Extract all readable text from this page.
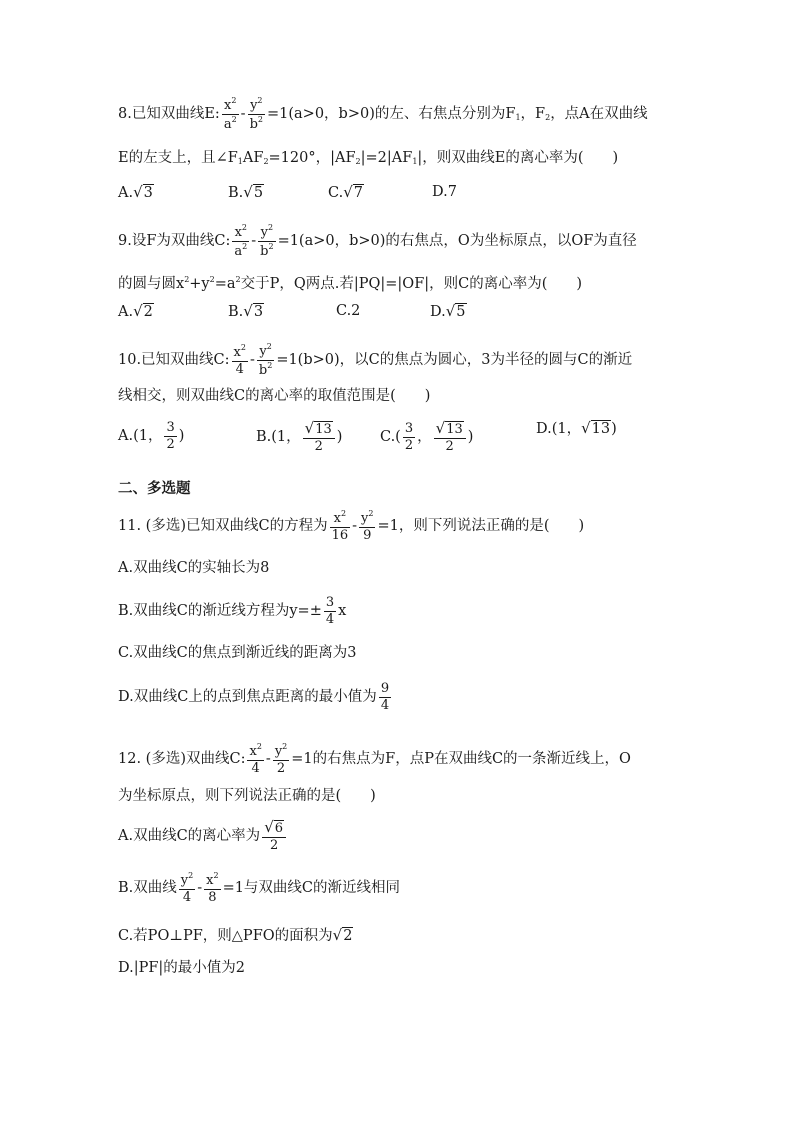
8.已知双曲线E: $\frac{x^2}{a^2} - \frac{y^2}{b^2} =1(a>0$，b>0)的左、右焦点分别为$F_1$，$F_2$，点A在双曲线
E的左支上，且$\angle F_1AF_2=120^\circ$，$|AF_2|=2|AF_1|$，则双曲线E的离心率为(　　)
A.√3	B.√5	C.√7	D.7
9.设F为双曲线C: $\frac{x^2}{a^2} - \frac{y^2}{b^2} =1(a>0$，b>0)的右焦点，O为坐标原点，以OF为直径
的圆与圆$x^2+y^2=a^2$交于P，Q两点.若|PQ|=|OF|，则C的离心率为(　　)
A.√2	B.√3	C.2	D.√5
10.已知双曲线C: $\frac{x^2}{4} - \frac{y^2}{b^2} =1(b>0)$，以C的焦点为圆心，3为半径的圆与C的渐近
线相交，则双曲线C的离心率的取值范围是(　　)
A.(1， $\frac{3}{2}$ )	B.(1， $\frac{√13}{2}$ )	$C.( \frac{3}{2}$ ， $\frac{√13}{2}$ )
D.(1，√13)
二、多选题
11. (多选)已知双曲线C的方程为 $\frac{x^2}{16} - \frac{y^2}{9} =1$，则下列说法正确的是(　　)
A.双曲线C的实轴长为8
B.双曲线C的渐近线方程为$y=\pm \frac{3}{4}$ x
C.双曲线C的焦点到渐近线的距离为3
D.双曲线C上的点到焦点距离的最小值为 $\frac{9}{4}$
12. (多选)双曲线C: $\frac{x^2}{4} - \frac{y^2}{2} =1$的右焦点为F，点P在双曲线C的一条渐近线上，O
为坐标原点，则下列说法正确的是(　　)
A.双曲线C的离心率为 $\frac{√6}{2}$
B.双曲线 $\frac{y^2}{4} - \frac{x^2}{8} =1$与双曲线C的渐近线相同
C.若PO⊥PF，则△PFO的面积为√2
D.|PF|的最小值为2
